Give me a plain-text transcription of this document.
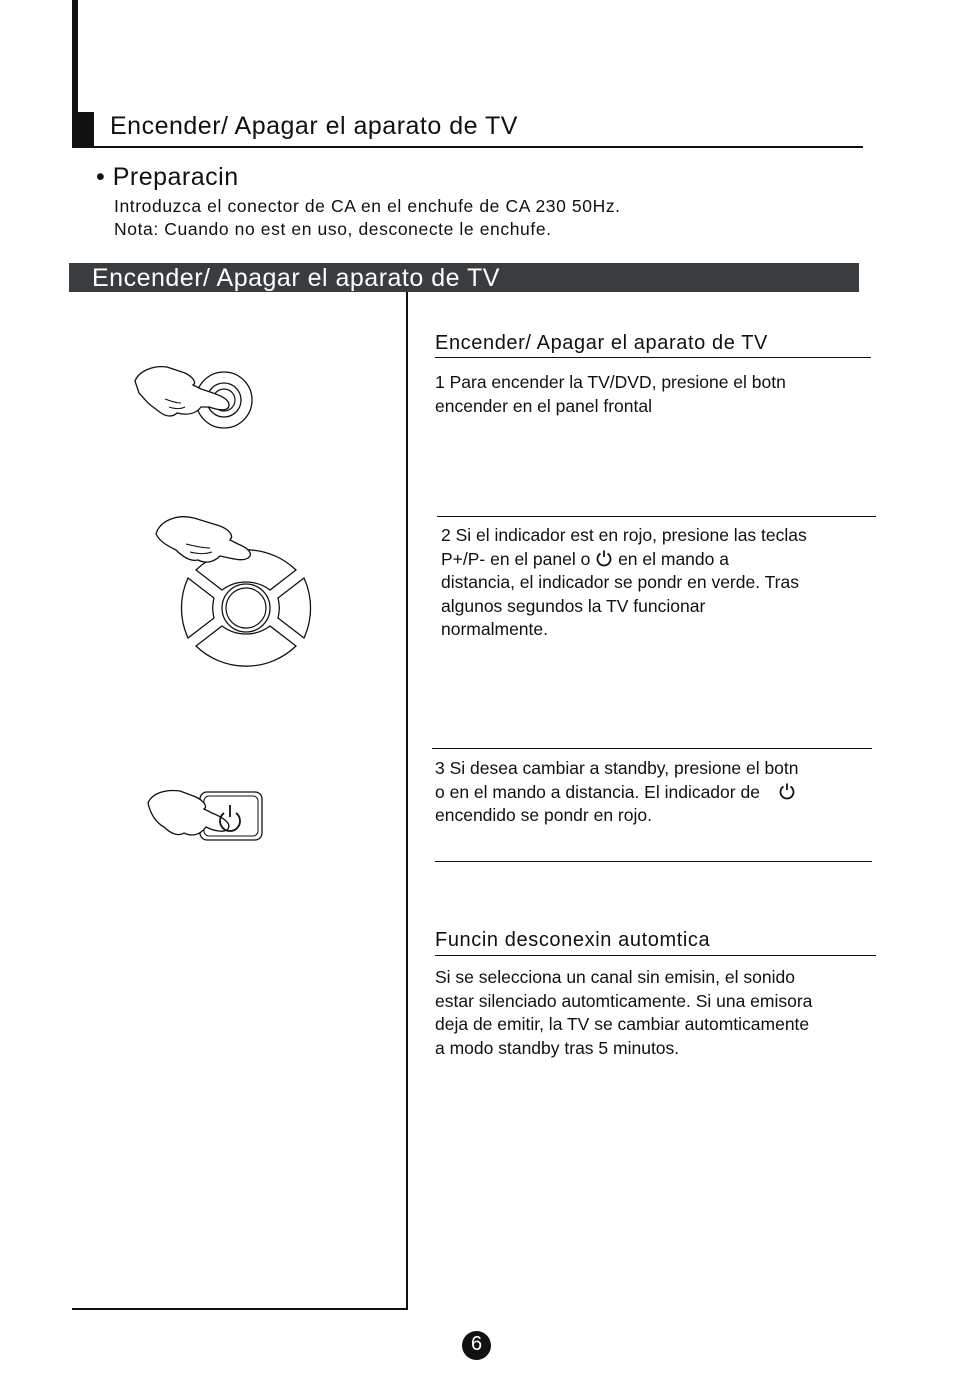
Encender/ Apagar el aparato de TV
• Preparacin
Introduzca el conector de CA en el enchufe de CA 230 50Hz.
Nota: Cuando no est en uso, desconecte le enchufe.
Encender/ Apagar el aparato de TV
Encender/ Apagar el aparato de TV
1 Para encender la TV/DVD, presione el botn
encender en el panel frontal
2 Si el indicador est en rojo, presione las teclas
P+/P- en el panel o  en el mando a
distancia, el indicador se pondr en verde. Tras
algunos segundos la TV funcionar
normalmente.
3 Si desea cambiar a standby, presione el botn
o en el mando a distancia. El indicador de
encendido se pondr en rojo.
Funcin desconexin automtica
Si se selecciona un canal sin emisin, el sonido
estar silenciado automticamente. Si una emisora
deja de emitir, la TV se cambiar automticamente
a modo standby tras 5 minutos.
6
